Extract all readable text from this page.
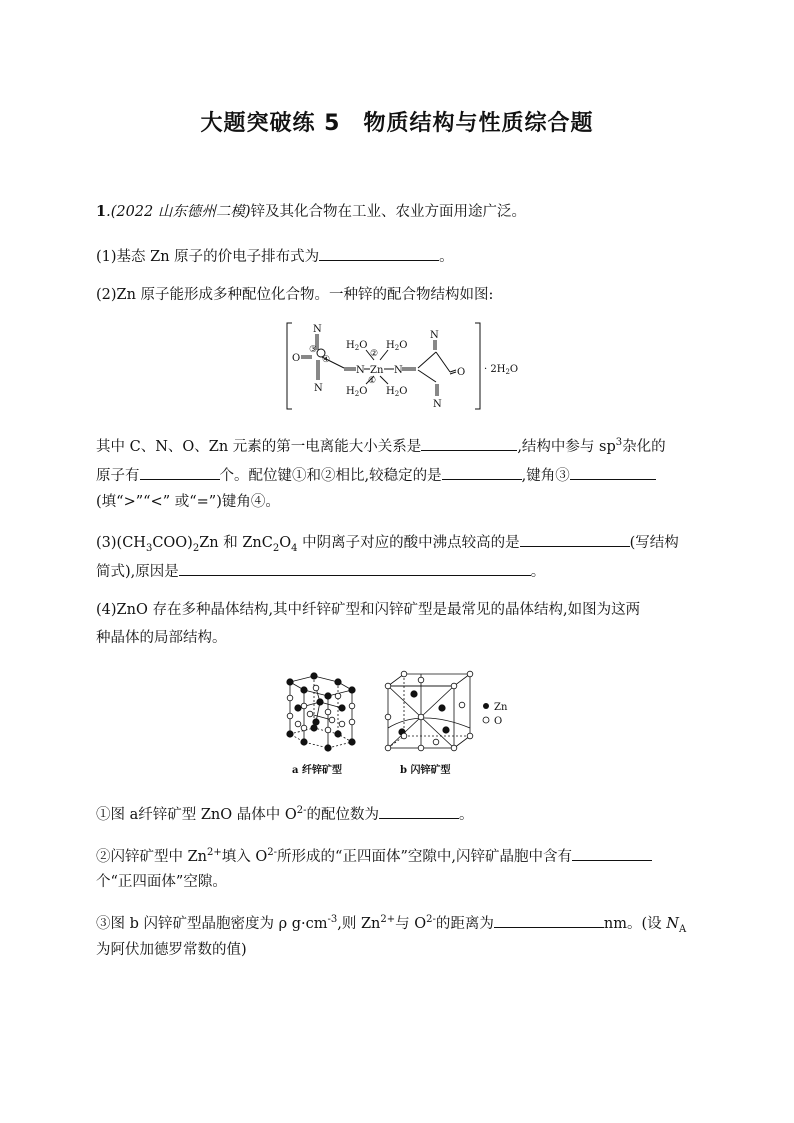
大题突破练 5　物质结构与性质综合题
1.(2022 山东德州二模)锌及其化合物在工业、农业方面用途广泛。
(1)基态 Zn 原子的价电子排布式为	。
(2)Zn 原子能形成多种配位化合物。一种锌的配合物结构如图:
N
O
③
④
N
N
$H_2O$ $H_2O$
$H_2O$ $H_2O$
Zn
①
②
N
N
N
$O \cdot 2H_2O$
其中 C、N、O、Zn 元素的第一电离能大小关系是	,结构中参与 $sp^3$杂化的
原子有	个。配位键①和②相比,较稳定的是	,键角③
(填“>”“<” 或“=”)键角④。
$(3)(CH_3COO)_2Zn$ 和 $ZnC_2O_4$ 中阴离子对应的酸中沸点较高的是	(写结构
简式),原因是	。
(4)ZnO 存在多种晶体结构,其中纤锌矿型和闪锌矿型是最常见的晶体结构,如图为这两
种晶体的局部结构。
Zn
O
a 纤锌矿型	b 闪锌矿型
①图 a纤锌矿型 ZnO 晶体中 $O^{2-}$的配位数为	。
②闪锌矿型中 $Zn^{2+}$填入 $O^{2-}$所形成的“正四面体”空隙中,闪锌矿晶胞中含有
个“正四面体”空隙。
③图 b 闪锌矿型晶胞密度为 ρ $g\cdot cm^{-3}$,则 $Zn^{2+}$与 $O^{2-}$的距离为	nm。(设 $N_A$
为阿伏加德罗常数的值)
